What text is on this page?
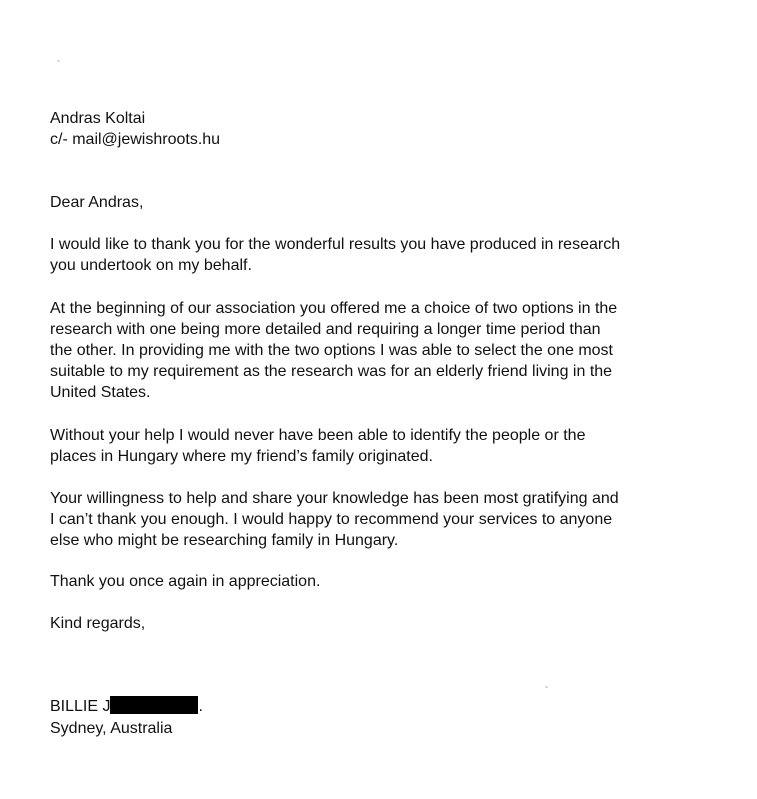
Andras Koltai
c/- mail@jewishroots.hu
Dear Andras,
I would like to thank you for the wonderful results you have produced in research
you undertook on my behalf.
At the beginning of our association you offered me a choice of two options in the
research with one being more detailed and requiring a longer time period than
the other. In providing me with the two options I was able to select the one most
suitable to my requirement as the research was for an elderly friend living in the
United States.
Without your help I would never have been able to identify the people or the
places in Hungary where my friend’s family originated.
Your willingness to help and share your knowledge has been most gratifying and
I can’t thank you enough. I would happy to recommend your services to anyone
else who might be researching family in Hungary.
Thank you once again in appreciation.
Kind regards,
BILLIE J	.
Sydney, Australia
